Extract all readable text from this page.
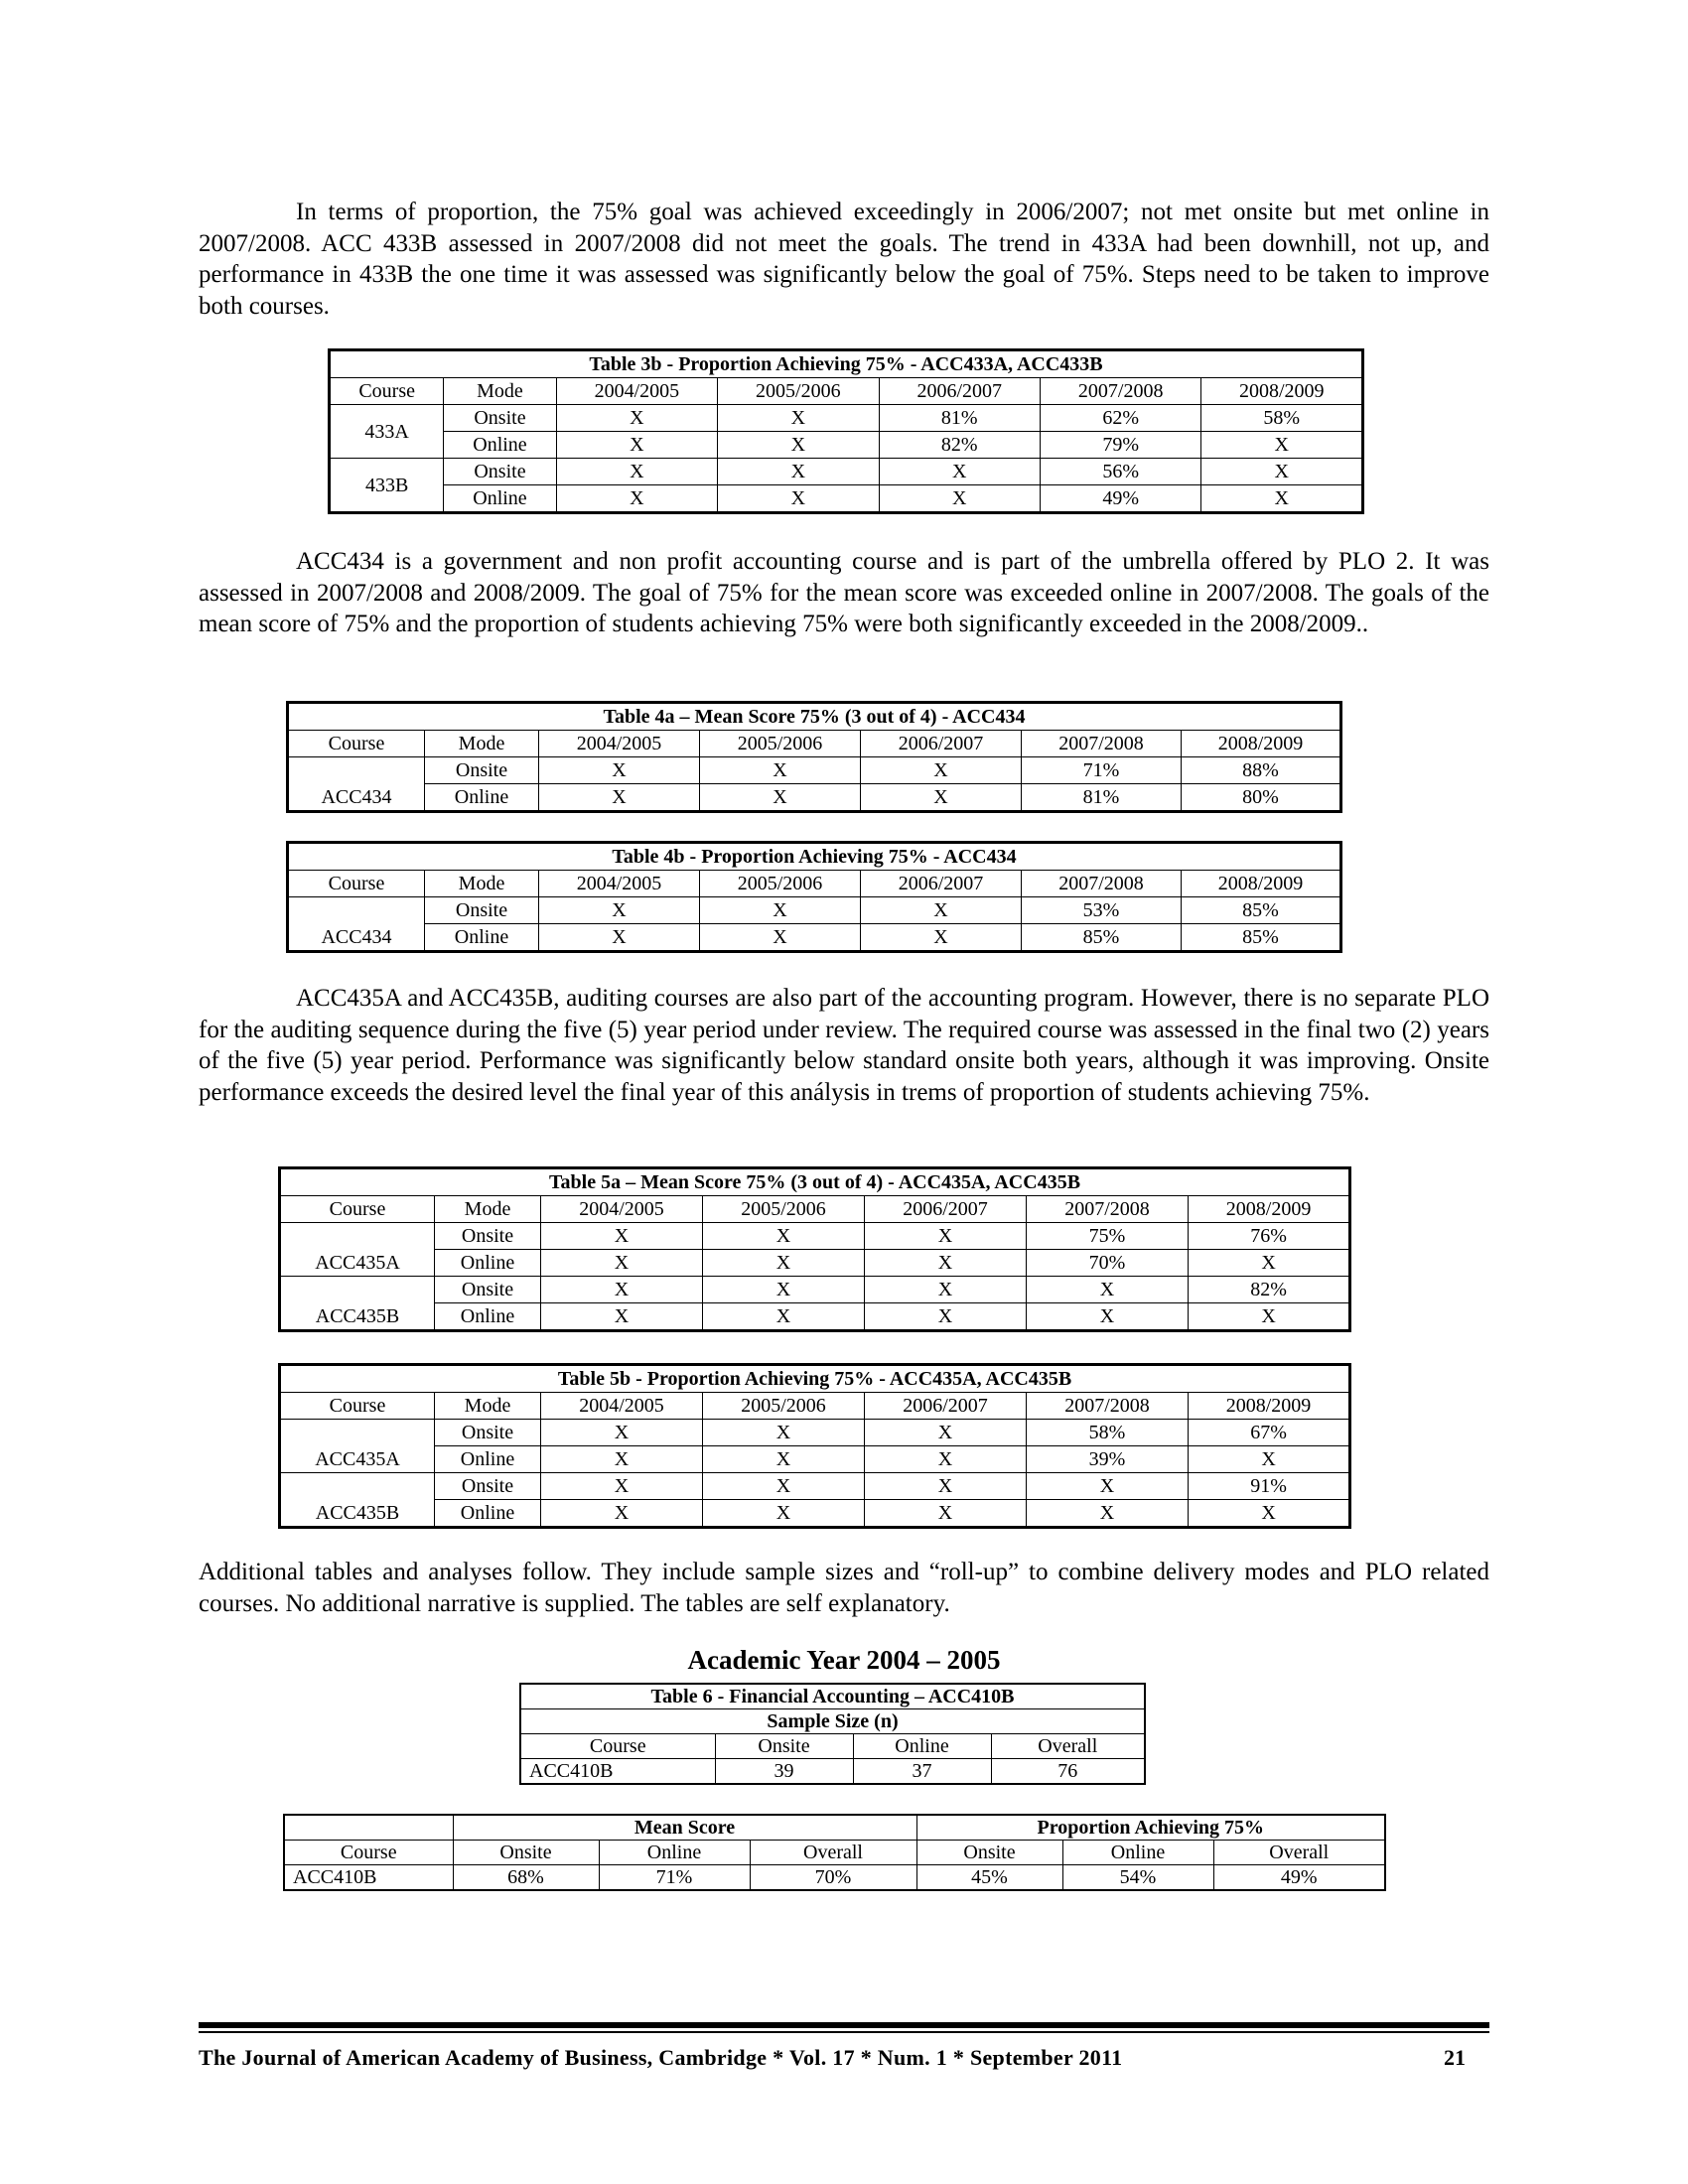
In terms of proportion, the 75% goal was achieved exceedingly in 2006/2007; not met onsite but met online in 2007/2008. ACC 433B assessed in 2007/2008 did not meet the goals. The trend in 433A had been downhill, not up, and performance in 433B the one time it was assessed was significantly below the goal of 75%. Steps need to be taken to improve both courses.

Table 3b - Proportion Achieving 75% - ACC433A, ACC433B						
Course	Mode	2004/2005	2005/2006	2006/2007	2007/2008	2008/2009
433A	Onsite	X	X	81%	62%	58%
	Online	X	X	82%	79%	X
433B	Onsite	X	X	X	56%	X
	Online	X	X	X	49%	X

ACC434 is a government and non profit accounting course and is part of the umbrella offered by PLO 2. It was assessed in 2007/2008 and 2008/2009. The goal of 75% for the mean score was exceeded online in 2007/2008. The goals of the mean score of 75% and the proportion of students achieving 75% were both significantly exceeded in the 2008/2009..

Table 4a – Mean Score 75% (3 out of 4) - ACC434						
Course	Mode	2004/2005	2005/2006	2006/2007	2007/2008	2008/2009
ACC434	Onsite	X	X	X	71%	88%
	Online	X	X	X	81%	80%
Table 4b - Proportion Achieving 75% - ACC434						
Course	Mode	2004/2005	2005/2006	2006/2007	2007/2008	2008/2009
ACC434	Onsite	X	X	X	53%	85%
	Online	X	X	X	85%	85%

ACC435A and ACC435B, auditing courses are also part of the accounting program. However, there is no separate PLO for the auditing sequence during the five (5) year period under review. The required course was assessed in the final two (2) years of the five (5) year period. Performance was significantly below standard onsite both years, although it was improving. Onsite performance exceeds the desired level the final year of this análysis in trems of proportion of students achieving 75%.

Table 5a – Mean Score 75% (3 out of 4) - ACC435A, ACC435B						
Course	Mode	2004/2005	2005/2006	2006/2007	2007/2008	2008/2009
ACC435A	Onsite	X	X	X	75%	76%
	Online	X	X	X	70%	X
ACC435B	Onsite	X	X	X	X	82%
	Online	X	X	X	X	X
Table 5b - Proportion Achieving 75% - ACC435A, ACC435B						
Course	Mode	2004/2005	2005/2006	2006/2007	2007/2008	2008/2009
ACC435A	Onsite	X	X	X	58%	67%
	Online	X	X	X	39%	X
ACC435B	Onsite	X	X	X	X	91%
	Online	X	X	X	X	X

Additional tables and analyses follow. They include sample sizes and “roll-up” to combine delivery modes and PLO related courses. No additional narrative is supplied. The tables are self explanatory.

Academic Year 2004 – 2005
Table 6 - Financial Accounting – ACC410B			
Sample Size (n)			
Course	Onsite	Online	Overall
ACC410B	39	37	76
	Mean Score			Proportion Achieving 75%		
Course	Onsite	Online	Overall	Onsite	Online	Overall
ACC410B	68%	71%	70%	45%	54%	49%
The Journal of American Academy of Business, Cambridge * Vol. 17 * Num. 1 * September 2011	21
